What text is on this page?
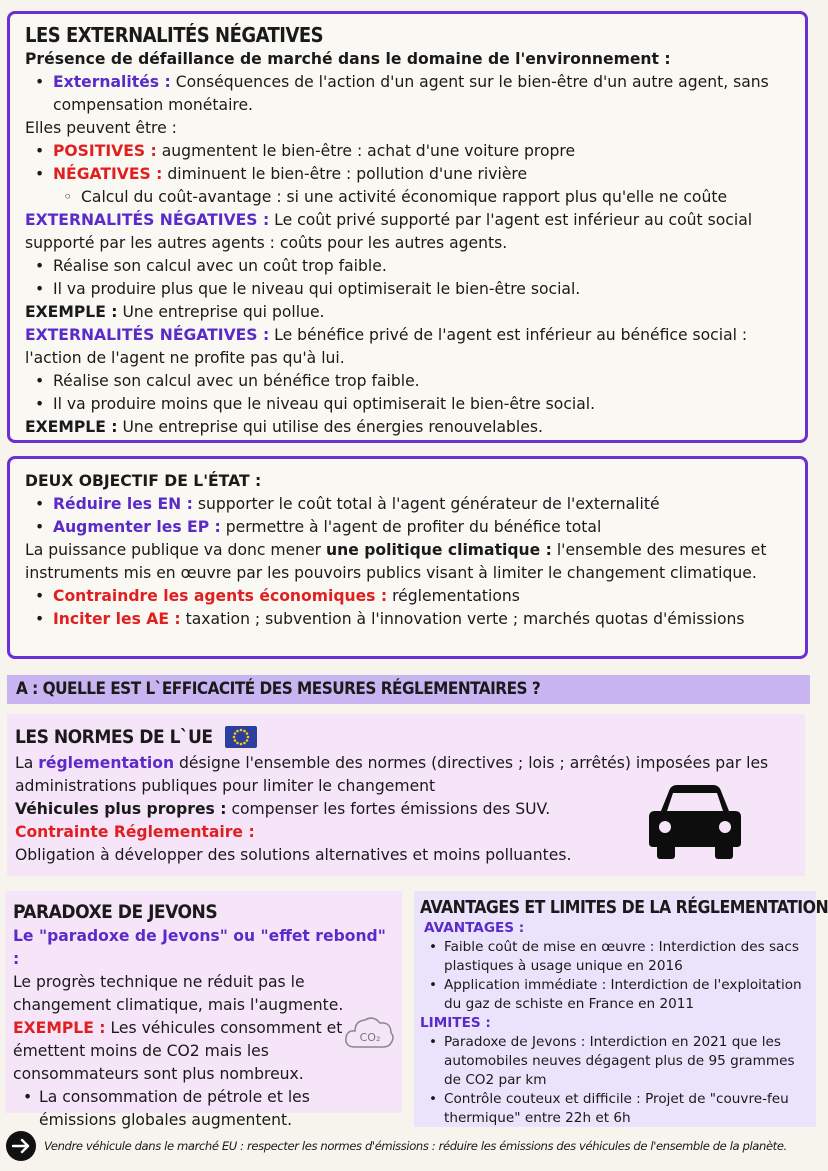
LES EXTERNALITÉS NÉGATIVES
Présence de défaillance de marché dans le domaine de l'environnement :
• Externalités : Conséquences de l'action d'un agent sur le bien-être d'un autre agent, sans compensation monétaire.
Elles peuvent être :
• POSITIVES : augmentent le bien-être : achat d'une voiture propre
• NÉGATIVES : diminuent le bien-être : pollution d'une rivière
◦ Calcul du coût-avantage : si une activité économique rapport plus qu'elle ne coûte
EXTERNALITÉS NÉGATIVES : Le coût privé supporté par l'agent est inférieur au coût social supporté par les autres agents : coûts pour les autres agents.
• Réalise son calcul avec un coût trop faible.
• Il va produire plus que le niveau qui optimiserait le bien-être social.
EXEMPLE : Une entreprise qui pollue.
EXTERNALITÉS NÉGATIVES : Le bénéfice privé de l'agent est inférieur au bénéfice social : l'action de l'agent ne profite pas qu'à lui.
• Réalise son calcul avec un bénéfice trop faible.
• Il va produire moins que le niveau qui optimiserait le bien-être social.
EXEMPLE : Une entreprise qui utilise des énergies renouvelables.
DEUX OBJECTIF DE L'ÉTAT :
• Réduire les EN : supporter le coût total à l'agent générateur de l'externalité
• Augmenter les EP : permettre à l'agent de profiter du bénéfice total
La puissance publique va donc mener une politique climatique : l'ensemble des mesures et instruments mis en œuvre par les pouvoirs publics visant à limiter le changement climatique.
• Contraindre les agents économiques : réglementations
• Inciter les AE : taxation ; subvention à l'innovation verte ; marchés quotas d'émissions
A : QUELLE EST L`EFFICACITÉ DES MESURES RÉGLEMENTAIRES ?
LES NORMES DE L`UE
La réglementation désigne l'ensemble des normes (directives ; lois ; arrêtés) imposées par les administrations publiques pour limiter le changement
Véhicules plus propres : compenser les fortes émissions des SUV.
Contrainte Réglementaire :
Obligation à développer des solutions alternatives et moins polluantes.
PARADOXE DE JEVONS
Le "paradoxe de Jevons" ou "effet rebond" :
Le progrès technique ne réduit pas le changement climatique, mais l'augmente.
EXEMPLE : Les véhicules consomment et émettent moins de CO2 mais les consommateurs sont plus nombreux.
• La consommation de pétrole et les émissions globales augmentent.
CO₂
AVANTAGES ET LIMITES DE LA RÉGLEMENTATION
AVANTAGES :
• Faible coût de mise en œuvre : Interdiction des sacs plastiques à usage unique en 2016
• Application immédiate : Interdiction de l'exploitation du gaz de schiste en France en 2011
LIMITES :
• Paradoxe de Jevons : Interdiction en 2021 que les automobiles neuves dégagent plus de 95 grammes de CO2 par km
• Contrôle couteux et difficile : Projet de "couvre-feu thermique" entre 22h et 6h
Vendre véhicule dans le marché EU : respecter les normes d'émissions : réduire les émissions des véhicules de l'ensemble de la planète.
